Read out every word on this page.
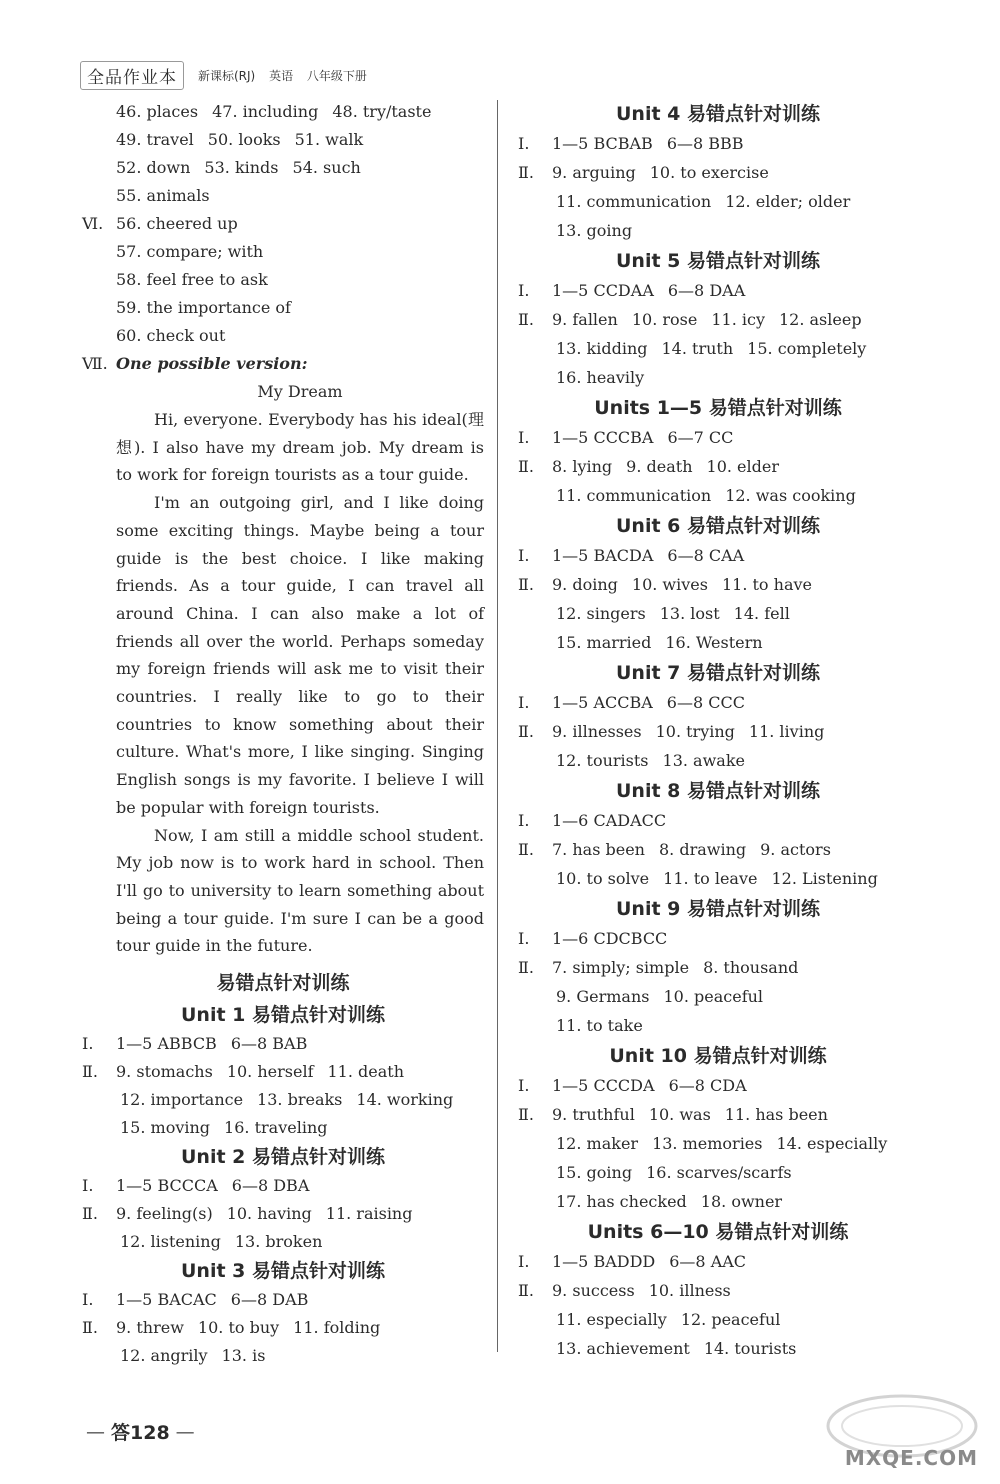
全品作业本	新课标(RJ) 英语 八年级下册
46. places 47. including 48. try/taste
49. travel 50. looks 51. walk
52. down 53. kinds 54. such
55. animals
Ⅵ. 56. cheered up
57. compare; with
58. feel free to ask
59. the importance of
60. check out
Ⅶ. One possible version:
My Dream

Hi, everyone. Everybody has his ideal(理想). I also have my dream job. My dream is to work for foreign tourists as a tour guide.

I'm an outgoing girl, and I like doing some exciting things. Maybe being a tour guide is the best choice. I like making friends. As a tour guide, I can travel all around China. I can also make a lot of friends all over the world. Perhaps someday my foreign friends will ask me to visit their countries. I really like to go to their countries to know something about their culture. What's more, I like singing. Singing English songs is my favorite. I believe I will be popular with foreign tourists.

Now, I am still a middle school student. My job now is to work hard in school. Then I'll go to university to learn something about being a tour guide. I'm sure I can be a good tour guide in the future.

易错点针对训练
Unit 1 易错点针对训练
Ⅰ. 1—5 ABBCB 6—8 BAB
Ⅱ. 9. stomachs 10. herself 11. death
12. importance 13. breaks 14. working
15. moving 16. traveling
Unit 2 易错点针对训练
Ⅰ. 1—5 BCCCA 6—8 DBA
Ⅱ. 9. feeling(s) 10. having 11. raising
12. listening 13. broken
Unit 3 易错点针对训练
Ⅰ. 1—5 BACAC 6—8 DAB
Ⅱ. 9. threw 10. to buy 11. folding
12. angrily 13. is
Unit 4 易错点针对训练
Ⅰ. 1—5 BCBAB 6—8 BBB
Ⅱ. 9. arguing 10. to exercise
11. communication 12. elder; older
13. going
Unit 5 易错点针对训练
Ⅰ. 1—5 CCDAA 6—8 DAA
Ⅱ. 9. fallen 10. rose 11. icy 12. asleep
13. kidding 14. truth 15. completely
16. heavily
Units 1—5 易错点针对训练
Ⅰ. 1—5 CCCBA 6—7 CC
Ⅱ. 8. lying 9. death 10. elder
11. communication 12. was cooking
Unit 6 易错点针对训练
Ⅰ. 1—5 BACDA 6—8 CAA
Ⅱ. 9. doing 10. wives 11. to have
12. singers 13. lost 14. fell
15. married 16. Western
Unit 7 易错点针对训练
Ⅰ. 1—5 ACCBA 6—8 CCC
Ⅱ. 9. illnesses 10. trying 11. living
12. tourists 13. awake
Unit 8 易错点针对训练
Ⅰ. 1—6 CADACC
Ⅱ. 7. has been 8. drawing 9. actors
10. to solve 11. to leave 12. Listening
Unit 9 易错点针对训练
Ⅰ. 1—6 CDCBCC
Ⅱ. 7. simply; simple 8. thousand
9. Germans 10. peaceful
11. to take
Unit 10 易错点针对训练
Ⅰ. 1—5 CCCDA 6—8 CDA
Ⅱ. 9. truthful 10. was 11. has been
12. maker 13. memories 14. especially
15. going 16. scarves/scarfs
17. has checked 18. owner
Units 6—10 易错点针对训练
Ⅰ. 1—5 BADDD 6—8 AAC
Ⅱ. 9. success 10. illness
11. especially 12. peaceful
13. achievement 14. tourists
— 答128 —
MXQE.COM
